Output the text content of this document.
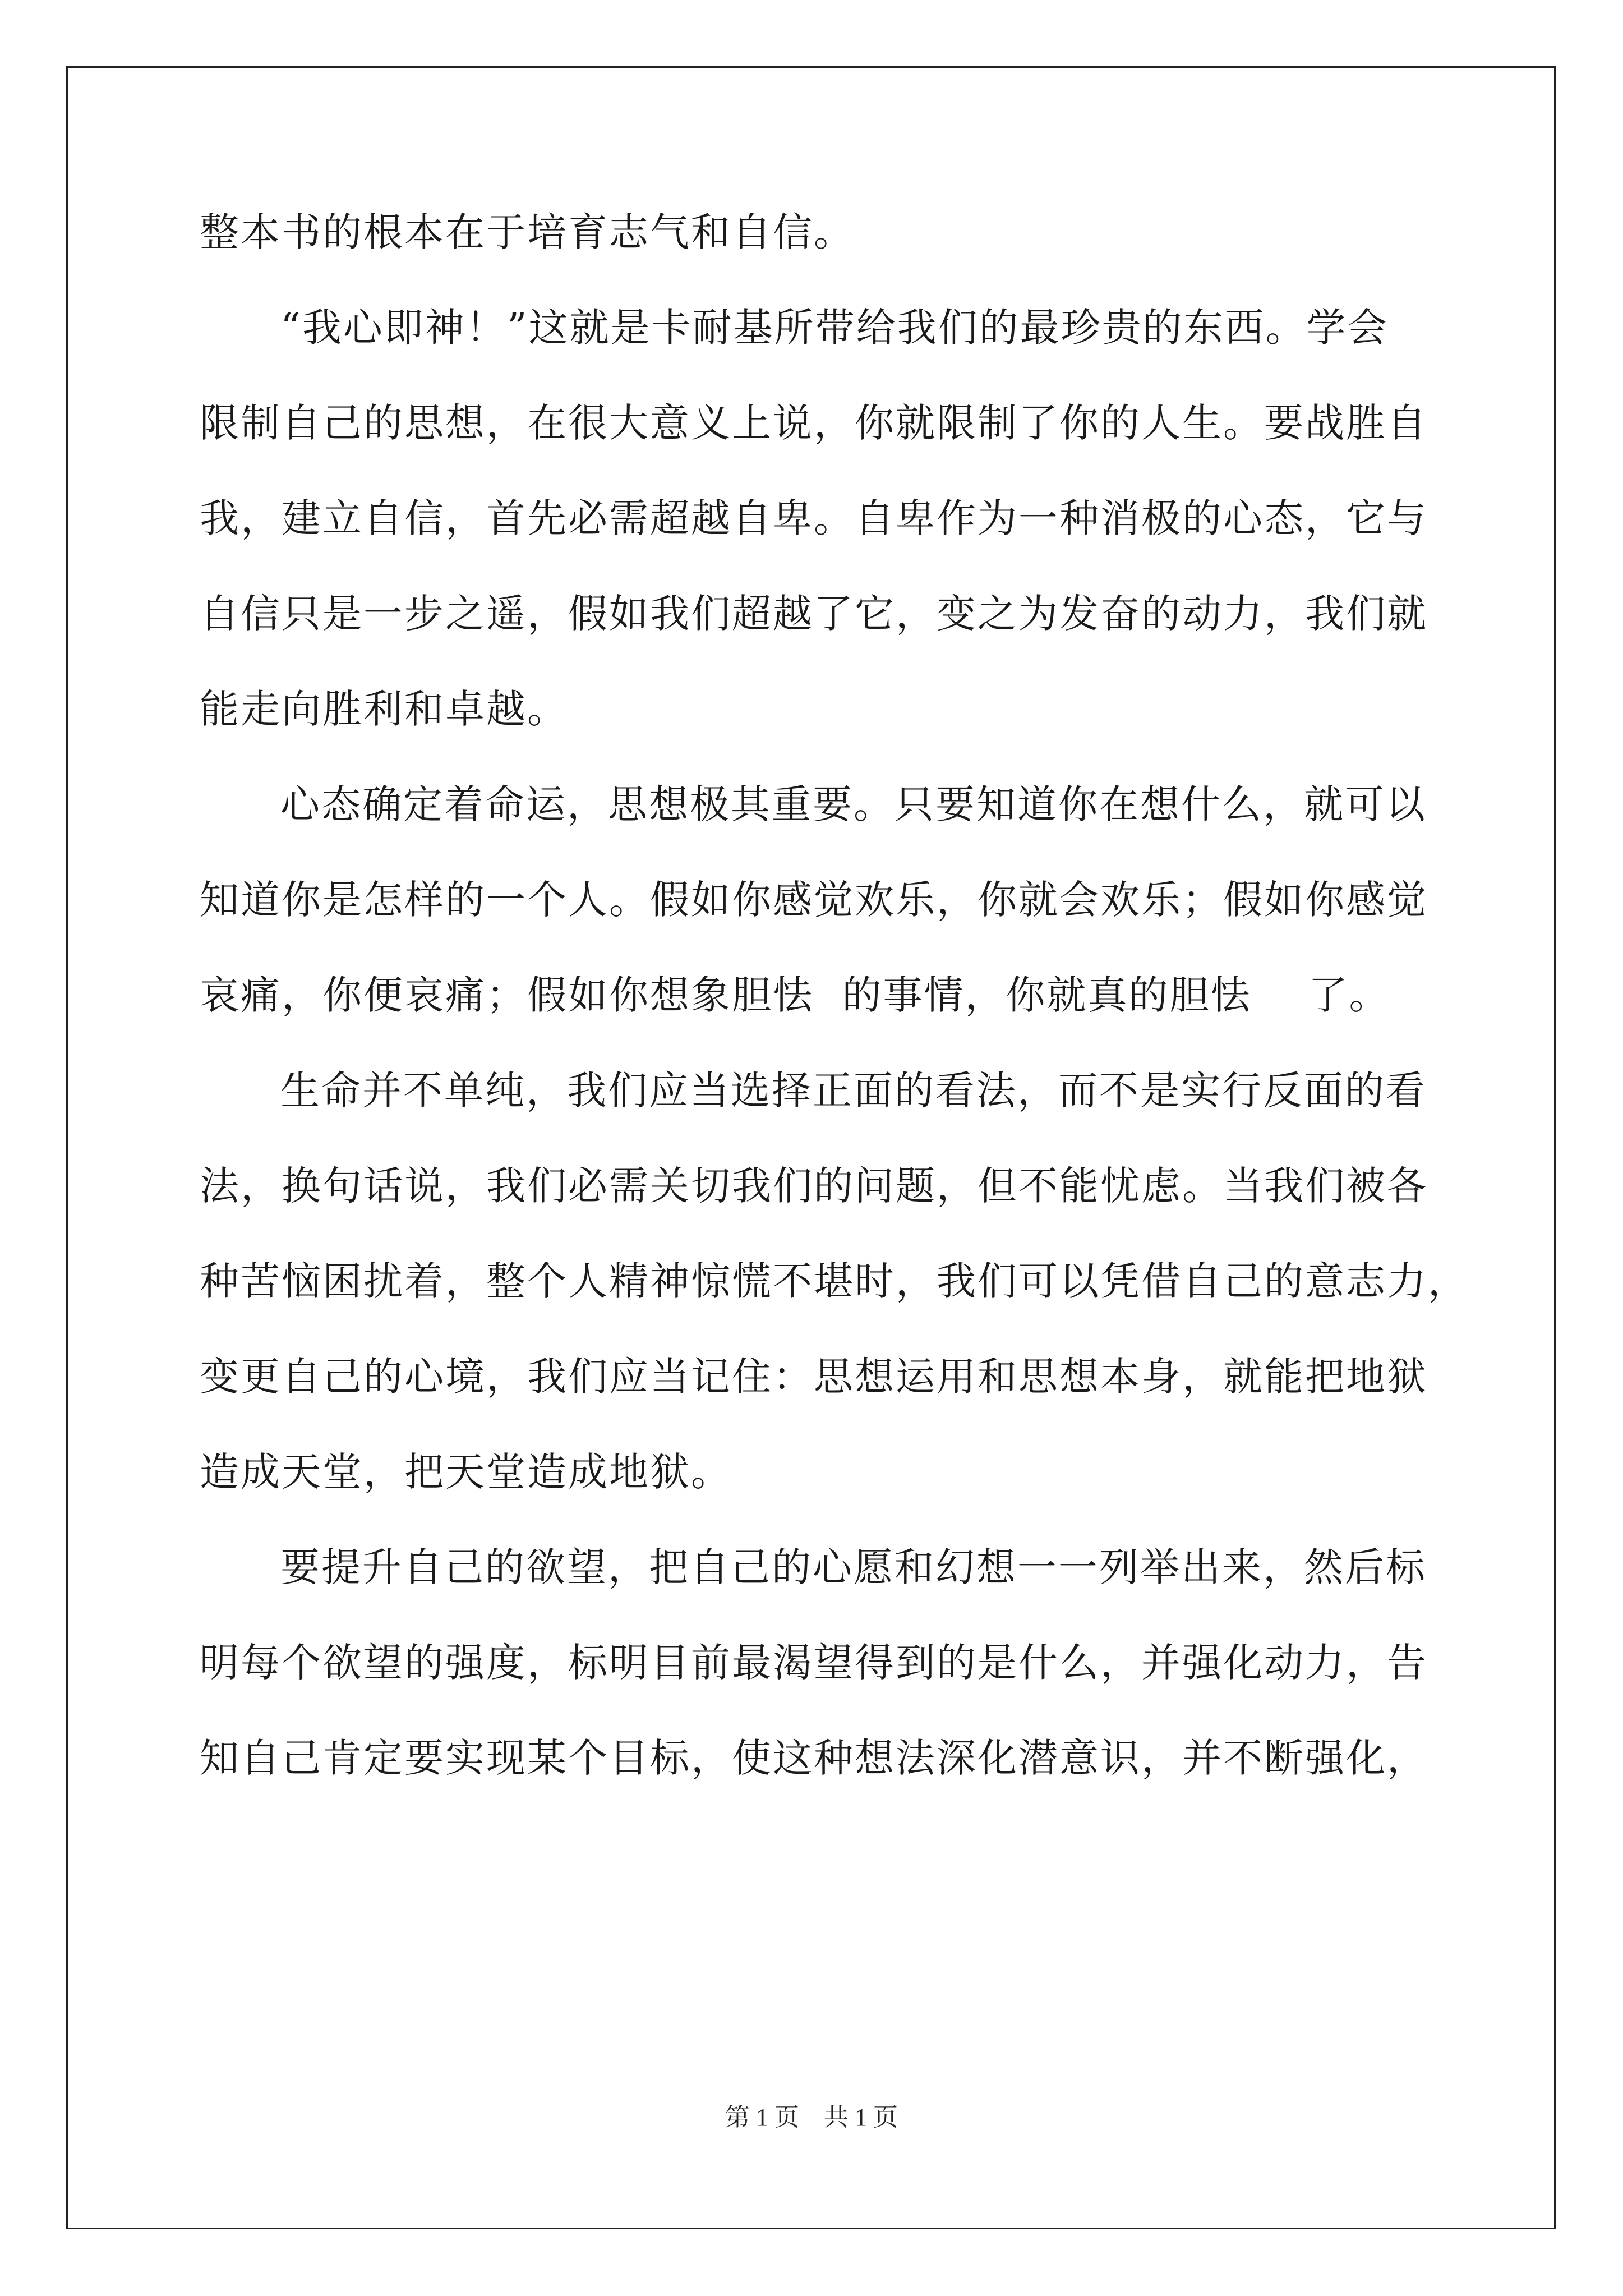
整本书的根本在于培育志气和自信。
“我心即神！”这就是卡耐基所带给我们的最珍贵的东西。学会
限制自己的思想，在很大意义上说，你就限制了你的人生。要战胜自
我，建立自信，首先必需超越自卑。自卑作为一种消极的心态，它与
自信只是一步之遥，假如我们超越了它，变之为发奋的动力，我们就
能走向胜利和卓越。
心态确定着命运，思想极其重要。只要知道你在想什么，就可以
知道你是怎样的一个人。假如你感觉欢乐，你就会欢乐；假如你感觉
哀痛，你便哀痛；假如你想象胆怯  的事情，你就真的胆怯    了。
生命并不单纯，我们应当选择正面的看法，而不是实行反面的看
法，换句话说，我们必需关切我们的问题，但不能忧虑。当我们被各
种苦恼困扰着，整个人精神惊慌不堪时，我们可以凭借自己的意志力，
变更自己的心境，我们应当记住：思想运用和思想本身，就能把地狱
造成天堂，把天堂造成地狱。
要提升自己的欲望，把自己的心愿和幻想一一列举出来，然后标
明每个欲望的强度，标明目前最渴望得到的是什么，并强化动力，告
知自己肯定要实现某个目标，使这种想法深化潜意识，并不断强化，
第 1 页    共 1 页
